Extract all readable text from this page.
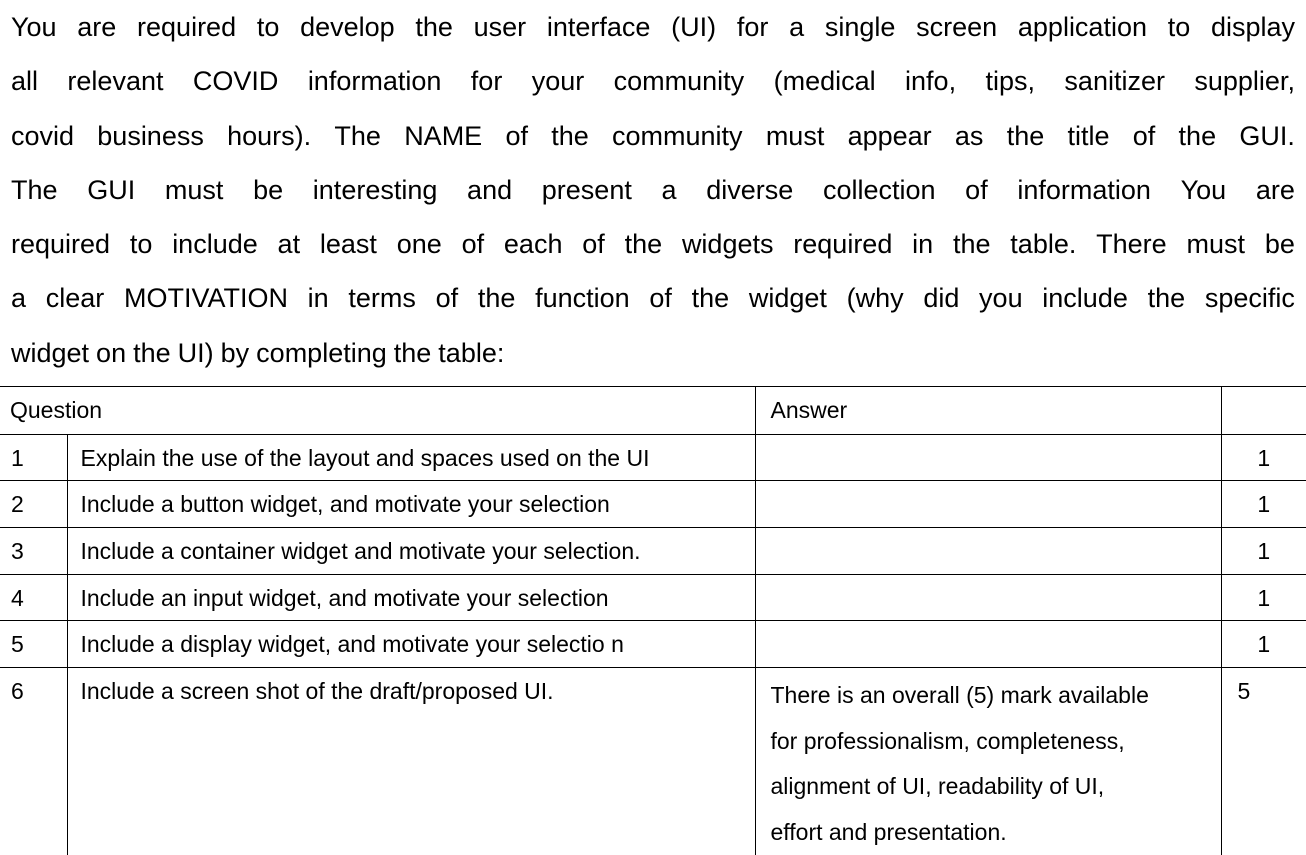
You are required to develop the user interface (UI) for a single screen application to display
all relevant COVID information for your community (medical info, tips, sanitizer supplier,
covid business hours). The NAME of the community must appear as the title of the GUI.
The GUI must be interesting and present a diverse collection of information You are
required to include at least one of each of the widgets required in the table. There must be
a clear MOTIVATION in terms of the function of the widget (why did you include the specific
widget on the UI) by completing the table:
Question		Answer	

1	Explain the use of the layout and spaces used on the UI		1

2	Include a button widget, and motivate your selection		1

3	Include a container widget and motivate your selection.		1

4	Include an input widget, and motivate your selection		1

5	Include a display widget, and motivate your selectio n		1

6	Include a screen shot of the draft/proposed UI.	There is an overall (5) mark available
for professionalism, completeness,
alignment of UI, readability of UI,
effort and presentation.	5
